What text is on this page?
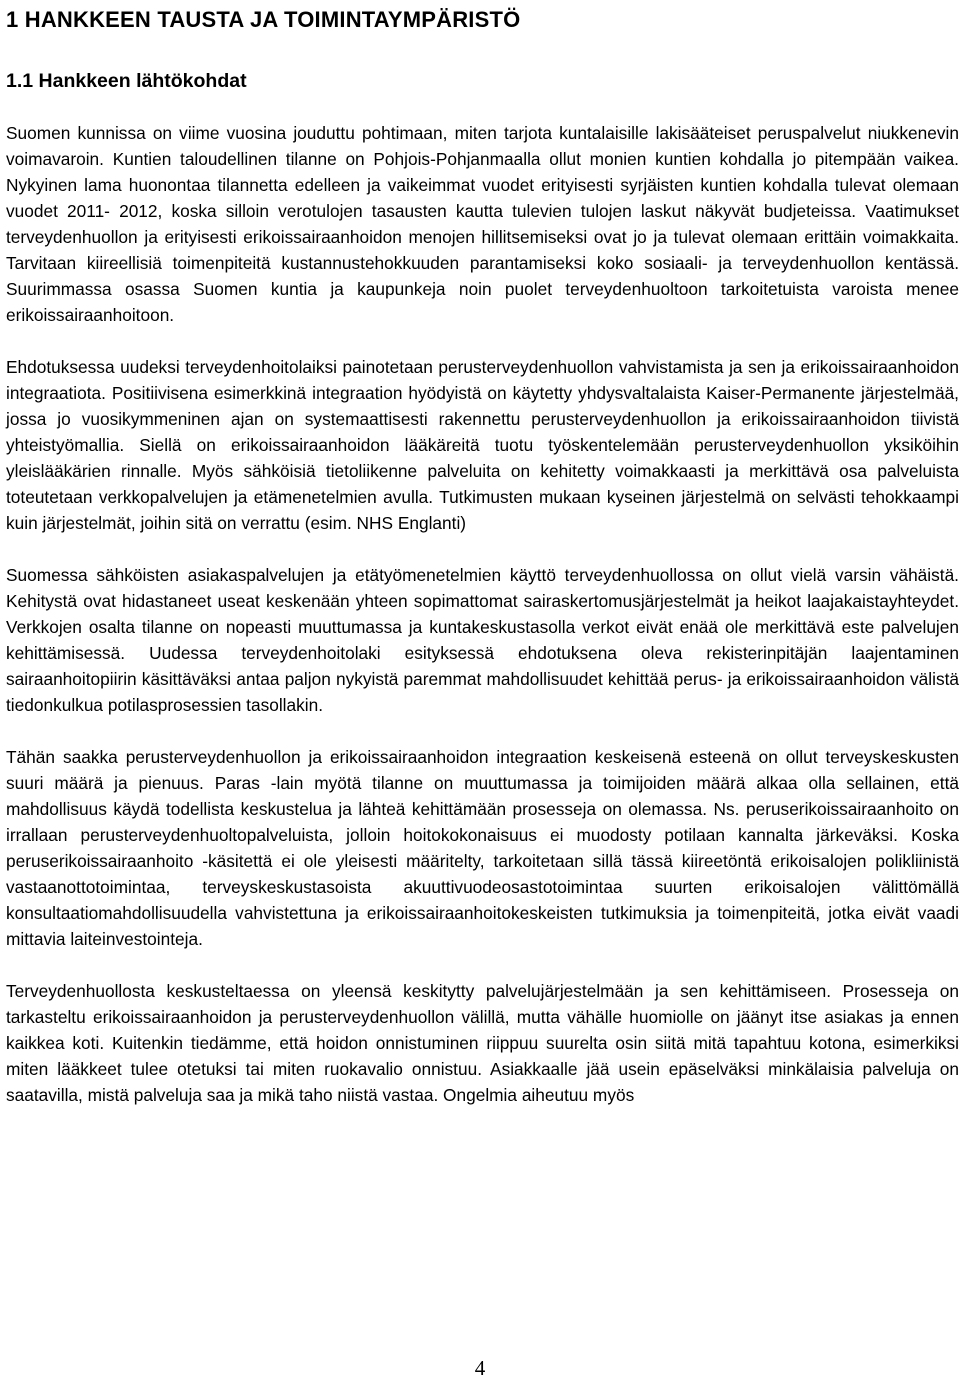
1 HANKKEEN TAUSTA JA TOIMINTAYMPÄRISTÖ
1.1 Hankkeen lähtökohdat

Suomen kunnissa on viime vuosina jouduttu pohtimaan, miten tarjota kuntalaisille lakisääteiset peruspalvelut niukkenevin voimavaroin. Kuntien taloudellinen tilanne on Pohjois-Pohjanmaalla ollut monien kuntien kohdalla jo pitempään vaikea. Nykyinen lama huonontaa tilannetta edelleen ja vaikeimmat vuodet erityisesti syrjäisten kuntien kohdalla tulevat olemaan vuodet 2011- 2012, koska silloin verotulojen tasausten kautta tulevien tulojen laskut näkyvät budjeteissa. Vaatimukset terveydenhuollon ja erityisesti erikoissairaanhoidon menojen hillitsemiseksi ovat jo ja tulevat olemaan erittäin voimakkaita. Tarvitaan kiireellisiä toimenpiteitä kustannustehokkuuden parantamiseksi koko sosiaali- ja terveydenhuollon kentässä. Suurimmassa osassa Suomen kuntia ja kaupunkeja noin puolet terveydenhuoltoon tarkoitetuista varoista menee erikoissairaanhoitoon.

Ehdotuksessa uudeksi terveydenhoitolaiksi painotetaan perusterveydenhuollon vahvistamista ja sen ja erikoissairaanhoidon integraatiota. Positiivisena esimerkkinä integraation hyödyistä on käytetty yhdysvaltalaista Kaiser-Permanente järjestelmää, jossa jo vuosikymmeninen ajan on systemaattisesti rakennettu perusterveydenhuollon ja erikoissairaanhoidon tiivistä yhteistyömallia. Siellä on erikoissairaanhoidon lääkäreitä tuotu työskentelemään perusterveydenhuollon yksiköihin yleislääkärien rinnalle. Myös sähköisiä tietoliikenne palveluita on kehitetty voimakkaasti ja merkittävä osa palveluista toteutetaan verkkopalvelujen ja etämenetelmien avulla. Tutkimusten mukaan kyseinen järjestelmä on selvästi tehokkaampi kuin järjestelmät, joihin sitä on verrattu (esim. NHS Englanti)

Suomessa sähköisten asiakaspalvelujen ja etätyömenetelmien käyttö terveydenhuollossa on ollut vielä varsin vähäistä. Kehitystä ovat hidastaneet useat keskenään yhteen sopimattomat sairaskertomusjärjestelmät ja heikot laajakaistayhteydet. Verkkojen osalta tilanne on nopeasti muuttumassa ja kuntakeskustasolla verkot eivät enää ole merkittävä este palvelujen kehittämisessä. Uudessa terveydenhoitolaki esityksessä ehdotuksena oleva rekisterinpitäjän laajentaminen sairaanhoitopiirin käsittäväksi antaa paljon nykyistä paremmat mahdollisuudet kehittää perus- ja erikoissairaanhoidon välistä tiedonkulkua potilasprosessien tasollakin.

Tähän saakka perusterveydenhuollon ja erikoissairaanhoidon integraation keskeisenä esteenä on ollut terveyskeskusten suuri määrä ja pienuus. Paras -lain myötä tilanne on muuttumassa ja toimijoiden määrä alkaa olla sellainen, että mahdollisuus käydä todellista keskustelua ja lähteä kehittämään prosesseja on olemassa. Ns. peruserikoissairaanhoito on irrallaan perusterveydenhuoltopalveluista, jolloin hoitokokonaisuus ei muodosty potilaan kannalta järkeväksi. Koska peruserikoissairaanhoito -käsitettä ei ole yleisesti määritelty, tarkoitetaan sillä tässä kiireetöntä erikoisalojen polikliinistä vastaanottotoimintaa, terveyskeskustasoista akuuttivuodeosastotoimintaa suurten erikoisalojen välittömällä konsultaatiomahdollisuudella vahvistettuna ja erikoissairaanhoitokeskeisten tutkimuksia ja toimenpiteitä, jotka eivät vaadi mittavia laiteinvestointeja.

Terveydenhuollosta keskusteltaessa on yleensä keskitytty palvelujärjestelmään ja sen kehittämiseen. Prosesseja on tarkasteltu erikoissairaanhoidon ja perusterveydenhuollon välillä, mutta vähälle huomiolle on jäänyt itse asiakas ja ennen kaikkea koti. Kuitenkin tiedämme, että hoidon onnistuminen riippuu suurelta osin siitä mitä tapahtuu kotona, esimerkiksi miten lääkkeet tulee otetuksi tai miten ruokavalio onnistuu. Asiakkaalle jää usein epäselväksi minkälaisia palveluja on saatavilla, mistä palveluja saa ja mikä taho niistä vastaa. Ongelmia aiheutuu myös

4
